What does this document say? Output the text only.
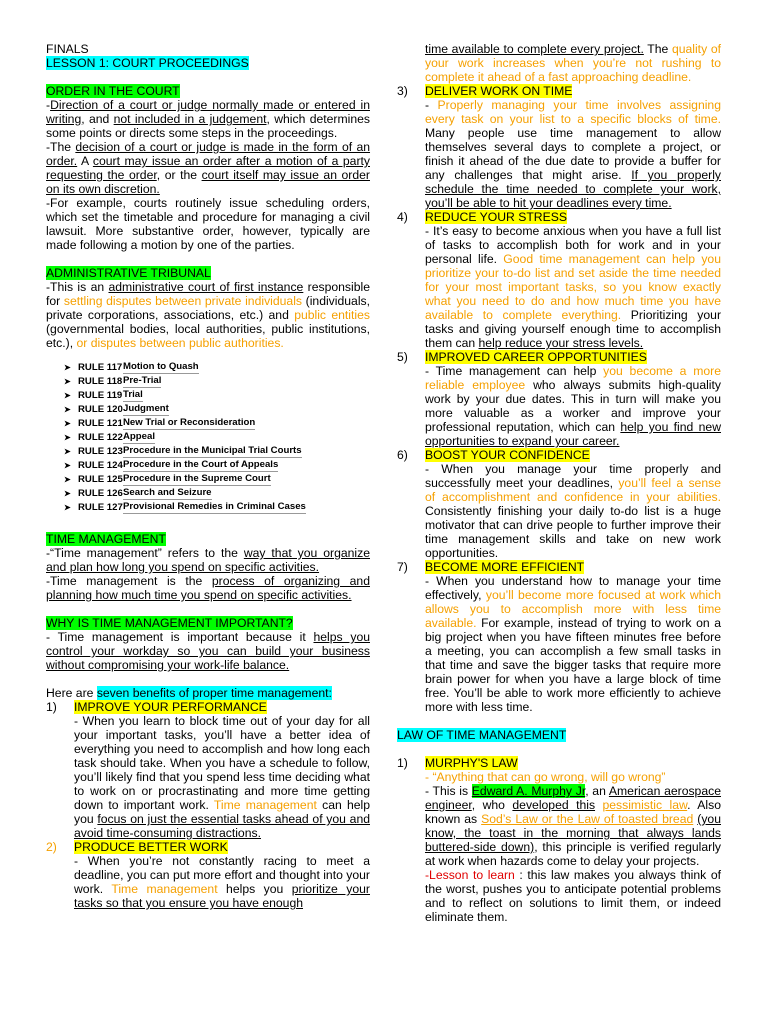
FINALS

LESSON 1: COURT PROCEEDINGS

ORDER IN THE COURT

-Direction of a court or judge normally made or entered in writing, and not included in a judgement, which determines some points or directs some steps in the proceedings.

-The decision of a court or judge is made in the form of an order. A court may issue an order after a motion of a party requesting the order, or the court itself may issue an order on its own discretion.

-For example, courts routinely issue scheduling orders, which set the timetable and procedure for managing a civil lawsuit. More substantive order, however, typically are made following a motion by one of the parties.

ADMINISTRATIVE TRIBUNAL

-This is an administrative court of first instance responsible for settling disputes between private individuals (individuals, private corporations, associations, etc.) and public entities (governmental bodies, local authorities, public institutions, etc.), or disputes between public authorities.

➤ RULE 117 Motion to Quash
➤ RULE 118 Pre-Trial
➤ RULE 119 Trial
➤ RULE 120 Judgment
➤ RULE 121 New Trial or Reconsideration
➤ RULE 122 Appeal
➤ RULE 123 Procedure in the Municipal Trial Courts
➤ RULE 124 Procedure in the Court of Appeals
➤ RULE 125 Procedure in the Supreme Court
➤ RULE 126 Search and Seizure
➤ RULE 127 Provisional Remedies in Criminal Cases

TIME MANAGEMENT

-“Time management” refers to the way that you organize and plan how long you spend on specific activities.

-Time management is the process of organizing and planning how much time you spend on specific activities.

WHY IS TIME MANAGEMENT IMPORTANT?

- Time management is important because it helps you control your workday so you can build your business without compromising your work-life balance.

Here are seven benefits of proper time management:

1)	IMPROVE YOUR PERFORMANCE

- When you learn to block time out of your day for all your important tasks, you’ll have a better idea of everything you need to accomplish and how long each task should take. When you have a schedule to follow, you’ll likely find that you spend less time deciding what to work on or procrastinating and more time getting down to important work. Time management can help you focus on just the essential tasks ahead of you and avoid time-consuming distractions.

2)	PRODUCE BETTER WORK

- When you’re not constantly racing to meet a deadline, you can put more effort and thought into your work. Time management helps you prioritize your tasks so that you ensure you have enough

time available to complete every project. The quality of your work increases when you’re not rushing to complete it ahead of a fast approaching deadline.

3)	DELIVER WORK ON TIME

- Properly managing your time involves assigning every task on your list to a specific blocks of time. Many people use time management to allow themselves several days to complete a project, or finish it ahead of the due date to provide a buffer for any challenges that might arise. If you properly schedule the time needed to complete your work, you’ll be able to hit your deadlines every time.

4)	REDUCE YOUR STRESS

- It’s easy to become anxious when you have a full list of tasks to accomplish both for work and in your personal life. Good time management can help you prioritize your to-do list and set aside the time needed for your most important tasks, so you know exactly what you need to do and how much time you have available to complete everything. Prioritizing your tasks and giving yourself enough time to accomplish them can help reduce your stress levels.

5)	IMPROVED CAREER OPPORTUNITIES

- Time management can help you become a more reliable employee who always submits high-quality work by your due dates. This in turn will make you more valuable as a worker and improve your professional reputation, which can help you find new opportunities to expand your career.

6)	BOOST YOUR CONFIDENCE

- When you manage your time properly and successfully meet your deadlines, you’ll feel a sense of accomplishment and confidence in your abilities. Consistently finishing your daily to-do list is a huge motivator that can drive people to further improve their time management skills and take on new work opportunities.

7)	BECOME MORE EFFICIENT

- When you understand how to manage your time effectively, you’ll become more focused at work which allows you to accomplish more with less time available. For example, instead of trying to work on a big project when you have fifteen minutes free before a meeting, you can accomplish a few small tasks in that time and save the bigger tasks that require more brain power for when you have a large block of time free. You’ll be able to work more efficiently to achieve more with less time.

LAW OF TIME MANAGEMENT

1)	MURPHY'S LAW

- “Anything that can go wrong, will go wrong”

- This is Edward A. Murphy Jr, an American aerospace engineer, who developed this pessimistic law. Also known as Sod’s Law or the Law of toasted bread (you know, the toast in the morning that always lands buttered-side down), this principle is verified regularly at work when hazards come to delay your projects.

-Lesson to learn : this law makes you always think of the worst, pushes you to anticipate potential problems and to reflect on solutions to limit them, or indeed eliminate them.
